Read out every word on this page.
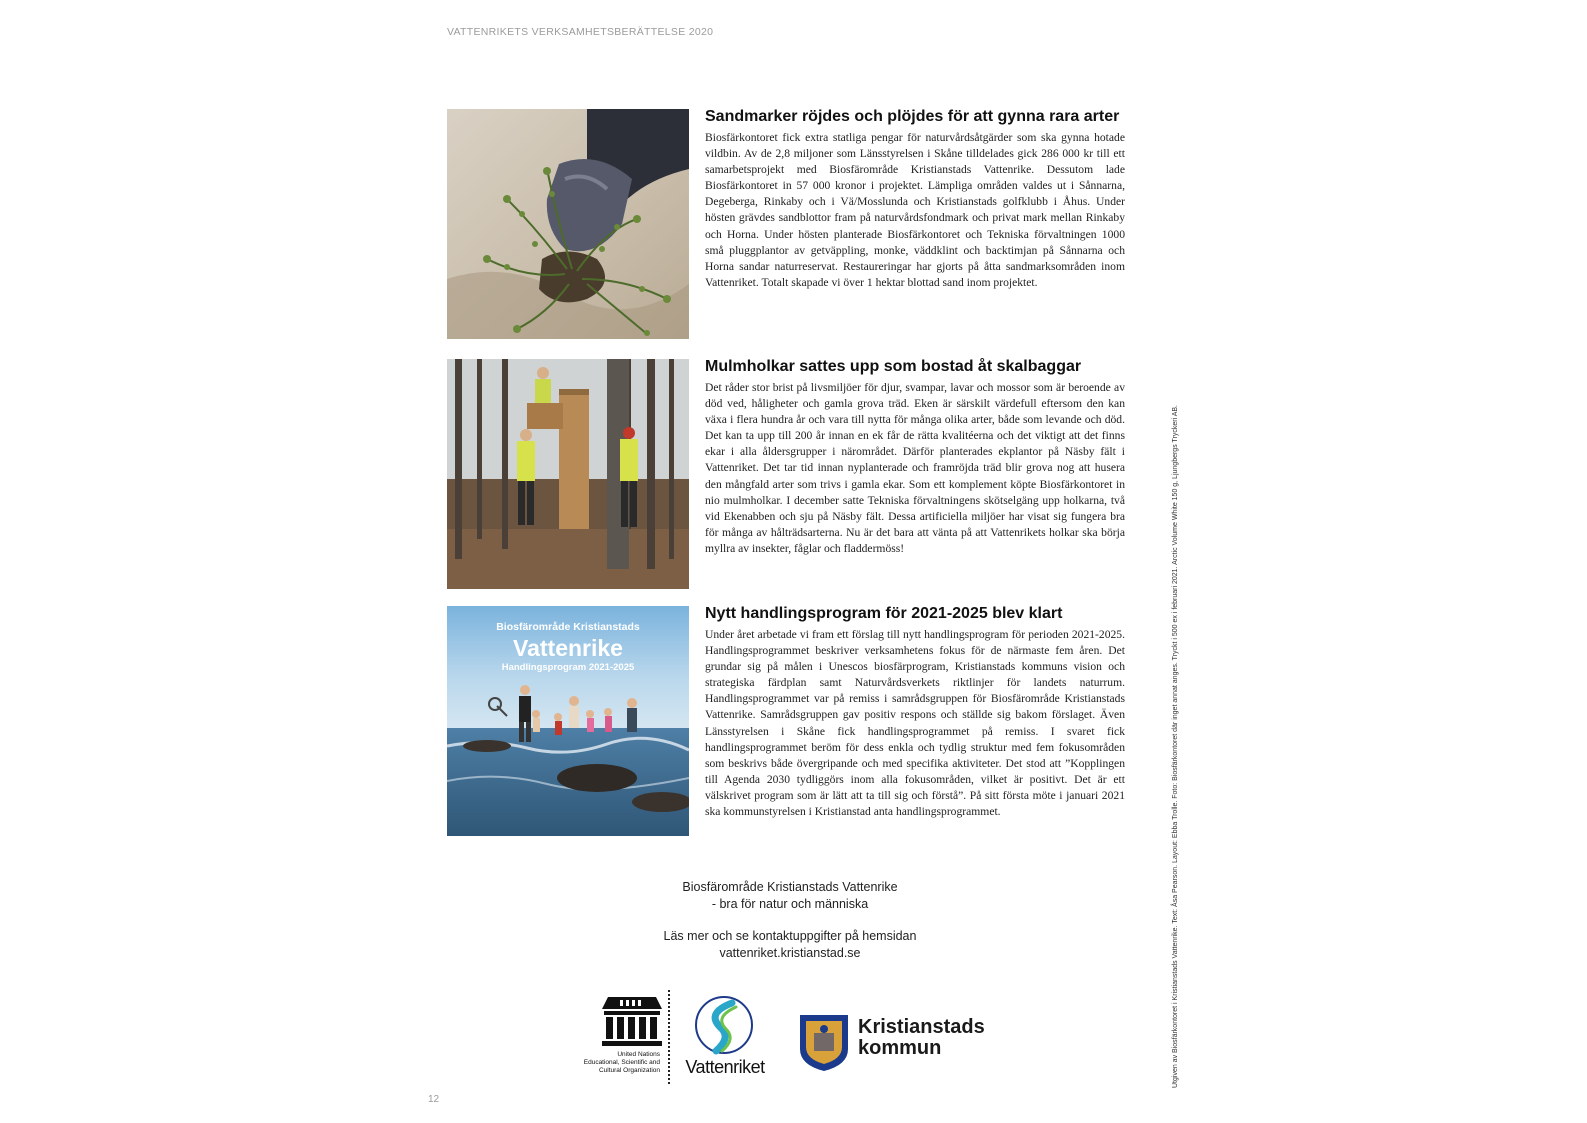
VATTENRIKETS VERKSAMHETSBERÄTTELSE 2020
Sandmarker röjdes och plöjdes för att gynna rara arter

Biosfärkontoret fick extra statliga pengar för naturvårdsåtgärder som ska gynna hotade vildbin. Av de 2,8 miljoner som Länsstyrelsen i Skåne tilldelades gick 286 000 kr till ett samarbetsprojekt med Biosfärområde Kristianstads Vattenrike. Dessutom lade Biosfärkontoret in 57 000 kronor i projektet. Lämpliga områden valdes ut i Sånnarna, Degeberga, Rinkaby och i Vä/Mosslunda och Kristianstads golfklubb i Åhus. Under hösten grävdes sandblottor fram på naturvårdsfondmark och privat mark mellan Rinkaby och Horna. Under hösten planterade Biosfärkontoret och Tekniska förvaltningen 1000 små pluggplantor av getväppling, monke, väddklint och backtimjan på Sånnarna och Horna sandar naturreservat. Restaureringar har gjorts på åtta sandmarksområden inom Vattenriket. Totalt skapade vi över 1 hektar blottad sand inom projektet.

Mulmholkar sattes upp som bostad åt skalbaggar

Det råder stor brist på livsmiljöer för djur, svampar, lavar och mossor som är beroende av död ved, håligheter och gamla grova träd. Eken är särskilt värdefull eftersom den kan växa i flera hundra år och vara till nytta för många olika arter, både som levande och död. Det kan ta upp till 200 år innan en ek får de rätta kvalitéerna och det viktigt att det finns ekar i alla åldersgrupper i närområdet. Därför planterades ekplantor på Näsby fält i Vattenriket. Det tar tid innan nyplanterade och framröjda träd blir grova nog att husera den mångfald arter som trivs i gamla ekar. Som ett komplement köpte Biosfärkontoret in nio mulmholkar. I december satte Tekniska förvaltningens skötselgäng upp holkarna, två vid Ekenabben och sju på Näsby fält. Dessa artificiella miljöer har visat sig fungera bra för många av hålträdsarterna. Nu är det bara att vänta på att Vattenrikets holkar ska börja myllra av insekter, fåglar och fladdermöss!

Biosfärområde Kristianstads
Vattenrike
Handlingsprogram 2021-2025
Nytt handlingsprogram för 2021-2025 blev klart

Under året arbetade vi fram ett förslag till nytt handlingsprogram för perioden 2021-2025. Handlingsprogrammet beskriver verksamhetens fokus för de närmaste fem åren. Det grundar sig på målen i Unescos biosfärprogram, Kristianstads kommuns vision och strategiska färdplan samt Naturvårdsverkets riktlinjer för landets naturrum. Handlingsprogrammet var på remiss i samrådsgruppen för Biosfärområde Kristianstads Vattenrike. Samrådsgruppen gav positiv respons och ställde sig bakom förslaget. Även Länsstyrelsen i Skåne fick handlingsprogrammet på remiss. I svaret fick handlingsprogrammet beröm för dess enkla och tydlig struktur med fem fokusområden som beskrivs både övergripande och med specifika aktiviteter. Det stod att ”Kopplingen till Agenda 2030 tydliggörs inom alla fokusområden, vilket är positivt. Det är ett välskrivet program som är lätt att ta till sig och förstå”. På sitt första möte i januari 2021 ska kommunstyrelsen i Kristianstad anta handlingsprogrammet.

Biosfärområde Kristianstads Vattenrike
- bra för natur och människa
Läs mer och se kontaktuppgifter på hemsidan
vattenriket.kristianstad.se
United Nations
Educational, Scientific and
Cultural Organization	Vattenriket
Kristianstads
kommun
12
Utgiven av Biosfärkontoret i Kristianstads Vattenrike. Text: Åsa Pearson. Layout: Ebba Trolle. Foto: Biosfärkontoret där inget annat anges. Tryckt i 500 ex i februari 2021. Arctic Volume White 150 g, Ljungbergs Tryckeri AB.
